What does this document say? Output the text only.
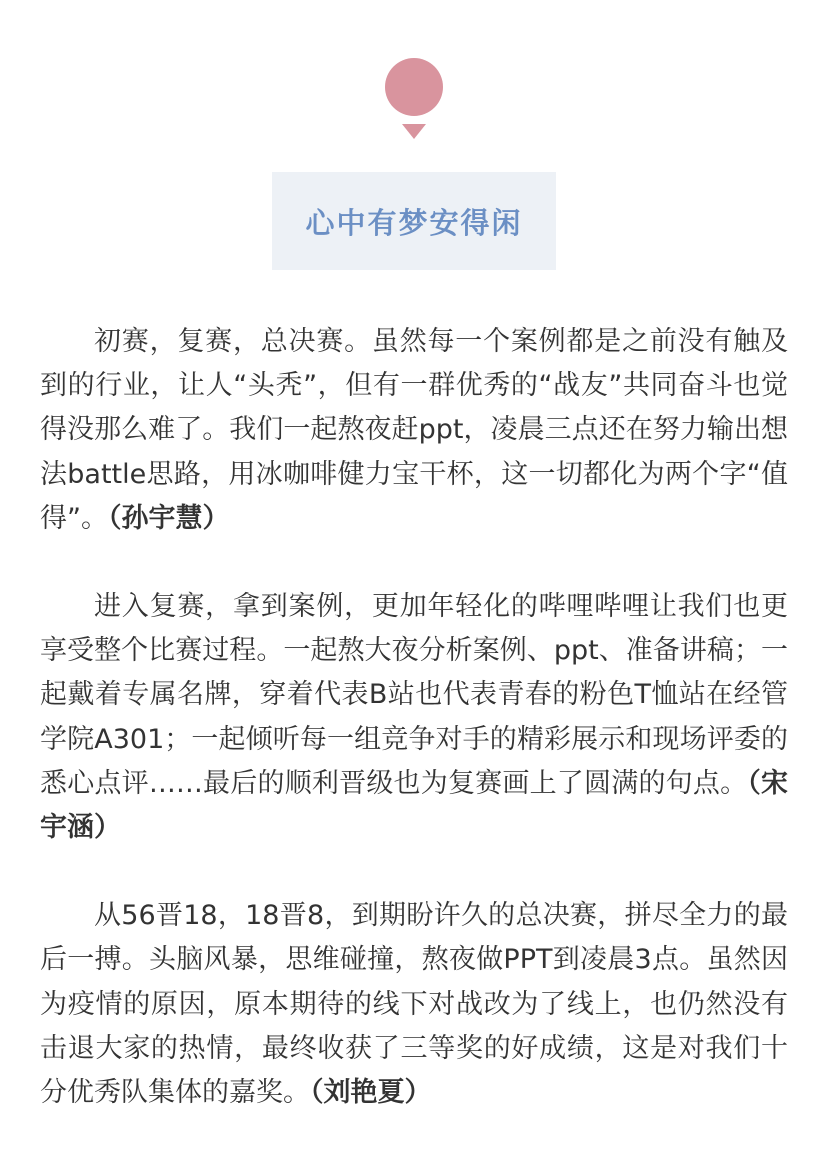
心中有梦安得闲

初赛，复赛，总决赛。虽然每一个案例都是之前没有触及到的行业，让人“头秃”，但有一群优秀的“战友”共同奋斗也觉得没那么难了。我们一起熬夜赶ppt，凌晨三点还在努力输出想法battle思路，用冰咖啡健力宝干杯，这一切都化为两个字“值得”。（孙宇慧）

进入复赛，拿到案例，更加年轻化的哔哩哔哩让我们也更享受整个比赛过程。一起熬大夜分析案例、ppt、准备讲稿；一起戴着专属名牌，穿着代表B站也代表青春的粉色T恤站在经管学院A301；一起倾听每一组竞争对手的精彩展示和现场评委的悉心点评……最后的顺利晋级也为复赛画上了圆满的句点。（宋宇涵）

从56晋18，18晋8，到期盼许久的总决赛，拼尽全力的最后一搏。头脑风暴，思维碰撞，熬夜做PPT到凌晨3点。虽然因为疫情的原因，原本期待的线下对战改为了线上，也仍然没有击退大家的热情，最终收获了三等奖的好成绩，这是对我们十分优秀队集体的嘉奖。（刘艳夏）
